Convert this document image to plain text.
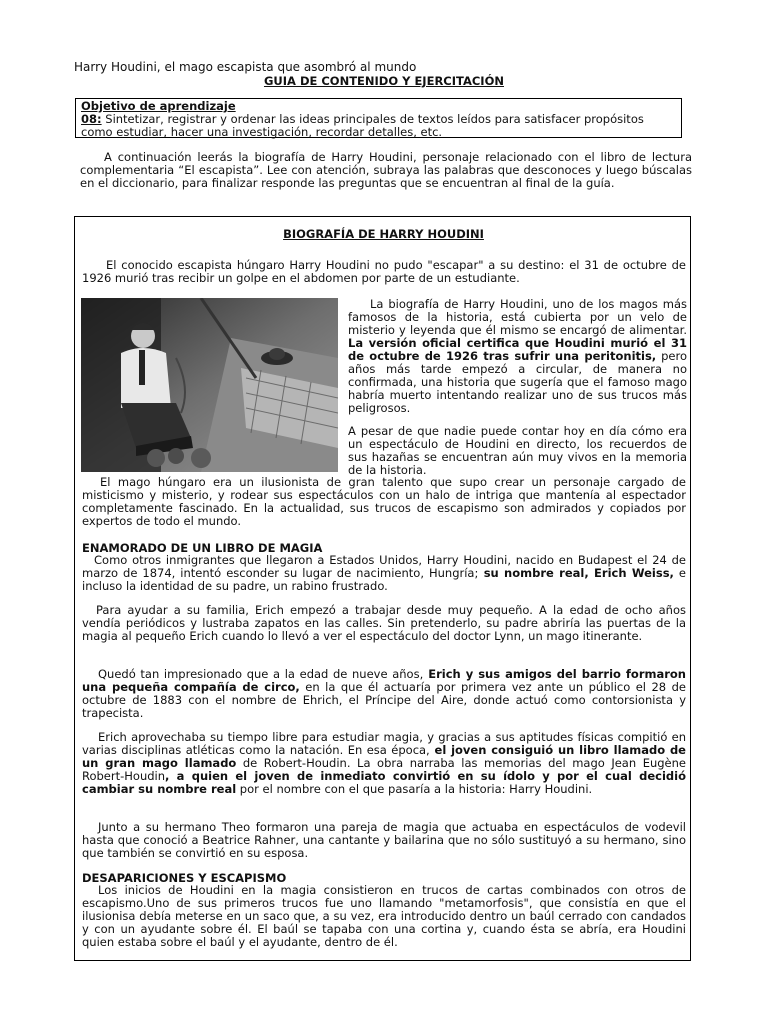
Harry Houdini, el mago escapista que asombró al mundo
GUIA DE CONTENIDO Y EJERCITACIÓN
Objetivo de aprendizaje
08: Sintetizar, registrar y ordenar las ideas principales de textos leídos para satisfacer propósitos como estudiar, hacer una investigación, recordar detalles, etc.
A continuación leerás la biografía de Harry Houdini, personaje relacionado con el libro de lectura complementaria “El escapista”. Lee con atención, subraya las palabras que desconoces y luego búscalas en el diccionario, para finalizar responde las preguntas que se encuentran al final de la guía.
BIOGRAFÍA DE HARRY HOUDINI
El conocido escapista húngaro Harry Houdini no pudo "escapar" a su destino: el 31 de octubre de 1926 murió tras recibir un golpe en el abdomen por parte de un estudiante.
La biografía de Harry Houdini, uno de los magos más famosos de la historia, está cubierta por un velo de misterio y leyenda que él mismo se encargó de alimentar. La versión oficial certifica que Houdini murió el 31 de octubre de 1926 tras sufrir una peritonitis, pero años más tarde empezó a circular, de manera no confirmada, una historia que sugería que el famoso mago habría muerto intentando realizar uno de sus trucos más peligrosos.
A pesar de que nadie puede contar hoy en día cómo era un espectáculo de Houdini en directo, los recuerdos de sus hazañas se encuentran aún muy vivos en la memoria de la historia.
El mago húngaro era un ilusionista de gran talento que supo crear un personaje cargado de misticismo y misterio, y rodear sus espectáculos con un halo de intriga que mantenía al espectador completamente fascinado. En la actualidad, sus trucos de escapismo son admirados y copiados por expertos de todo el mundo.
ENAMORADO DE UN LIBRO DE MAGIA
Como otros inmigrantes que llegaron a Estados Unidos, Harry Houdini, nacido en Budapest el 24 de marzo de 1874, intentó esconder su lugar de nacimiento, Hungría; su nombre real, Erich Weiss, e incluso la identidad de su padre, un rabino frustrado.
Para ayudar a su familia, Erich empezó a trabajar desde muy pequeño. A la edad de ocho años vendía periódicos y lustraba zapatos en las calles. Sin pretenderlo, su padre abriría las puertas de la magia al pequeño Erich cuando lo llevó a ver el espectáculo del doctor Lynn, un mago itinerante.
Quedó tan impresionado que a la edad de nueve años, Erich y sus amigos del barrio formaron una pequeña compañía de circo, en la que él actuaría por primera vez ante un público el 28 de octubre de 1883 con el nombre de Ehrich, el Príncipe del Aire, donde actuó como contorsionista y trapecista.
Erich aprovechaba su tiempo libre para estudiar magia, y gracias a sus aptitudes físicas compitió en varias disciplinas atléticas como la natación. En esa época, el joven consiguió un libro llamado de un gran mago llamado de Robert-Houdin. La obra narraba las memorias del mago Jean Eugène Robert-Houdin, a quien el joven de inmediato convirtió en su ídolo y por el cual decidió cambiar su nombre real por el nombre con el que pasaría a la historia: Harry Houdini.
Junto a su hermano Theo formaron una pareja de magia que actuaba en espectáculos de vodevil hasta que conoció a Beatrice Rahner, una cantante y bailarina que no sólo sustituyó a su hermano, sino que también se convirtió en su esposa.
DESAPARICIONES Y ESCAPISMO
Los inicios de Houdini en la magia consistieron en trucos de cartas combinados con otros de escapismo.Uno de sus primeros trucos fue uno llamando "metamorfosis", que consistía en que el ilusionisa debía meterse en un saco que, a su vez, era introducido dentro un baúl cerrado con candados y con un ayudante sobre él. El baúl se tapaba con una cortina y, cuando ésta se abría, era Houdini quien estaba sobre el baúl y el ayudante, dentro de él.
